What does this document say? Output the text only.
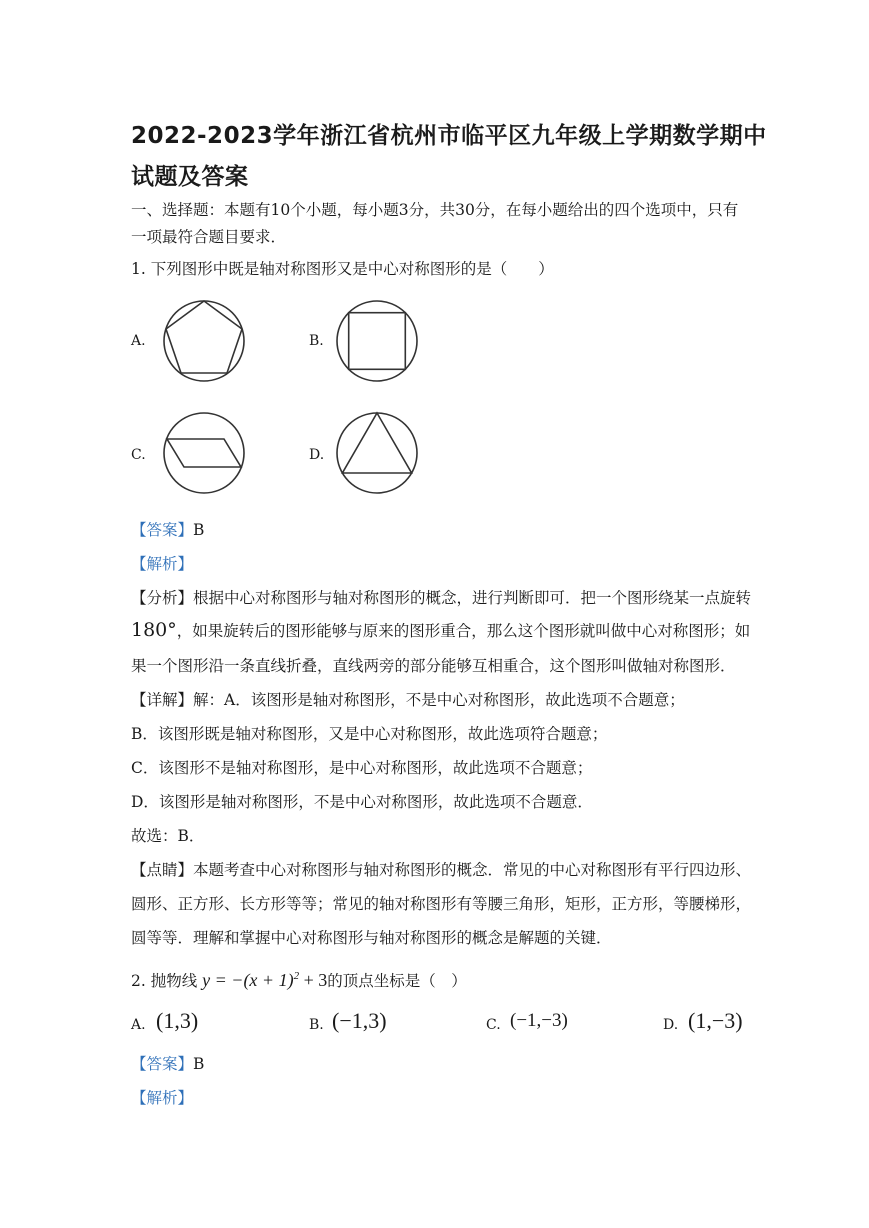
2022-2023学年浙江省杭州市临平区九年级上学期数学期中
试题及答案
一、选择题：本题有10个小题，每小题3分，共30分，在每小题给出的四个选项中，只有
一项最符合题目要求．
1. 下列图形中既是轴对称图形又是中心对称图形的是（　　）
A.	B.
C.	D.
【答案】B
【解析】
【分析】根据中心对称图形与轴对称图形的概念，进行判断即可．把一个图形绕某一点旋转
180°，如果旋转后的图形能够与原来的图形重合，那么这个图形就叫做中心对称图形；如
果一个图形沿一条直线折叠，直线两旁的部分能够互相重合，这个图形叫做轴对称图形．
【详解】解：A．该图形是轴对称图形，不是中心对称图形，故此选项不合题意；
B．该图形既是轴对称图形，又是中心对称图形，故此选项符合题意；
C．该图形不是轴对称图形，是中心对称图形，故此选项不合题意；
D．该图形是轴对称图形，不是中心对称图形，故此选项不合题意．
故选：B．
【点睛】本题考查中心对称图形与轴对称图形的概念．常见的中心对称图形有平行四边形、
圆形、正方形、长方形等等；常见的轴对称图形有等腰三角形，矩形，正方形，等腰梯形，
圆等等．理解和掌握中心对称图形与轴对称图形的概念是解题的关键．
2. 抛物线 $y = -(x + 1)^2 + 3$的顶点坐标是（　）
A. (1,3)	B. (−1,3)	C. (−1,−3)	D. (1,−3)
【答案】B
【解析】
